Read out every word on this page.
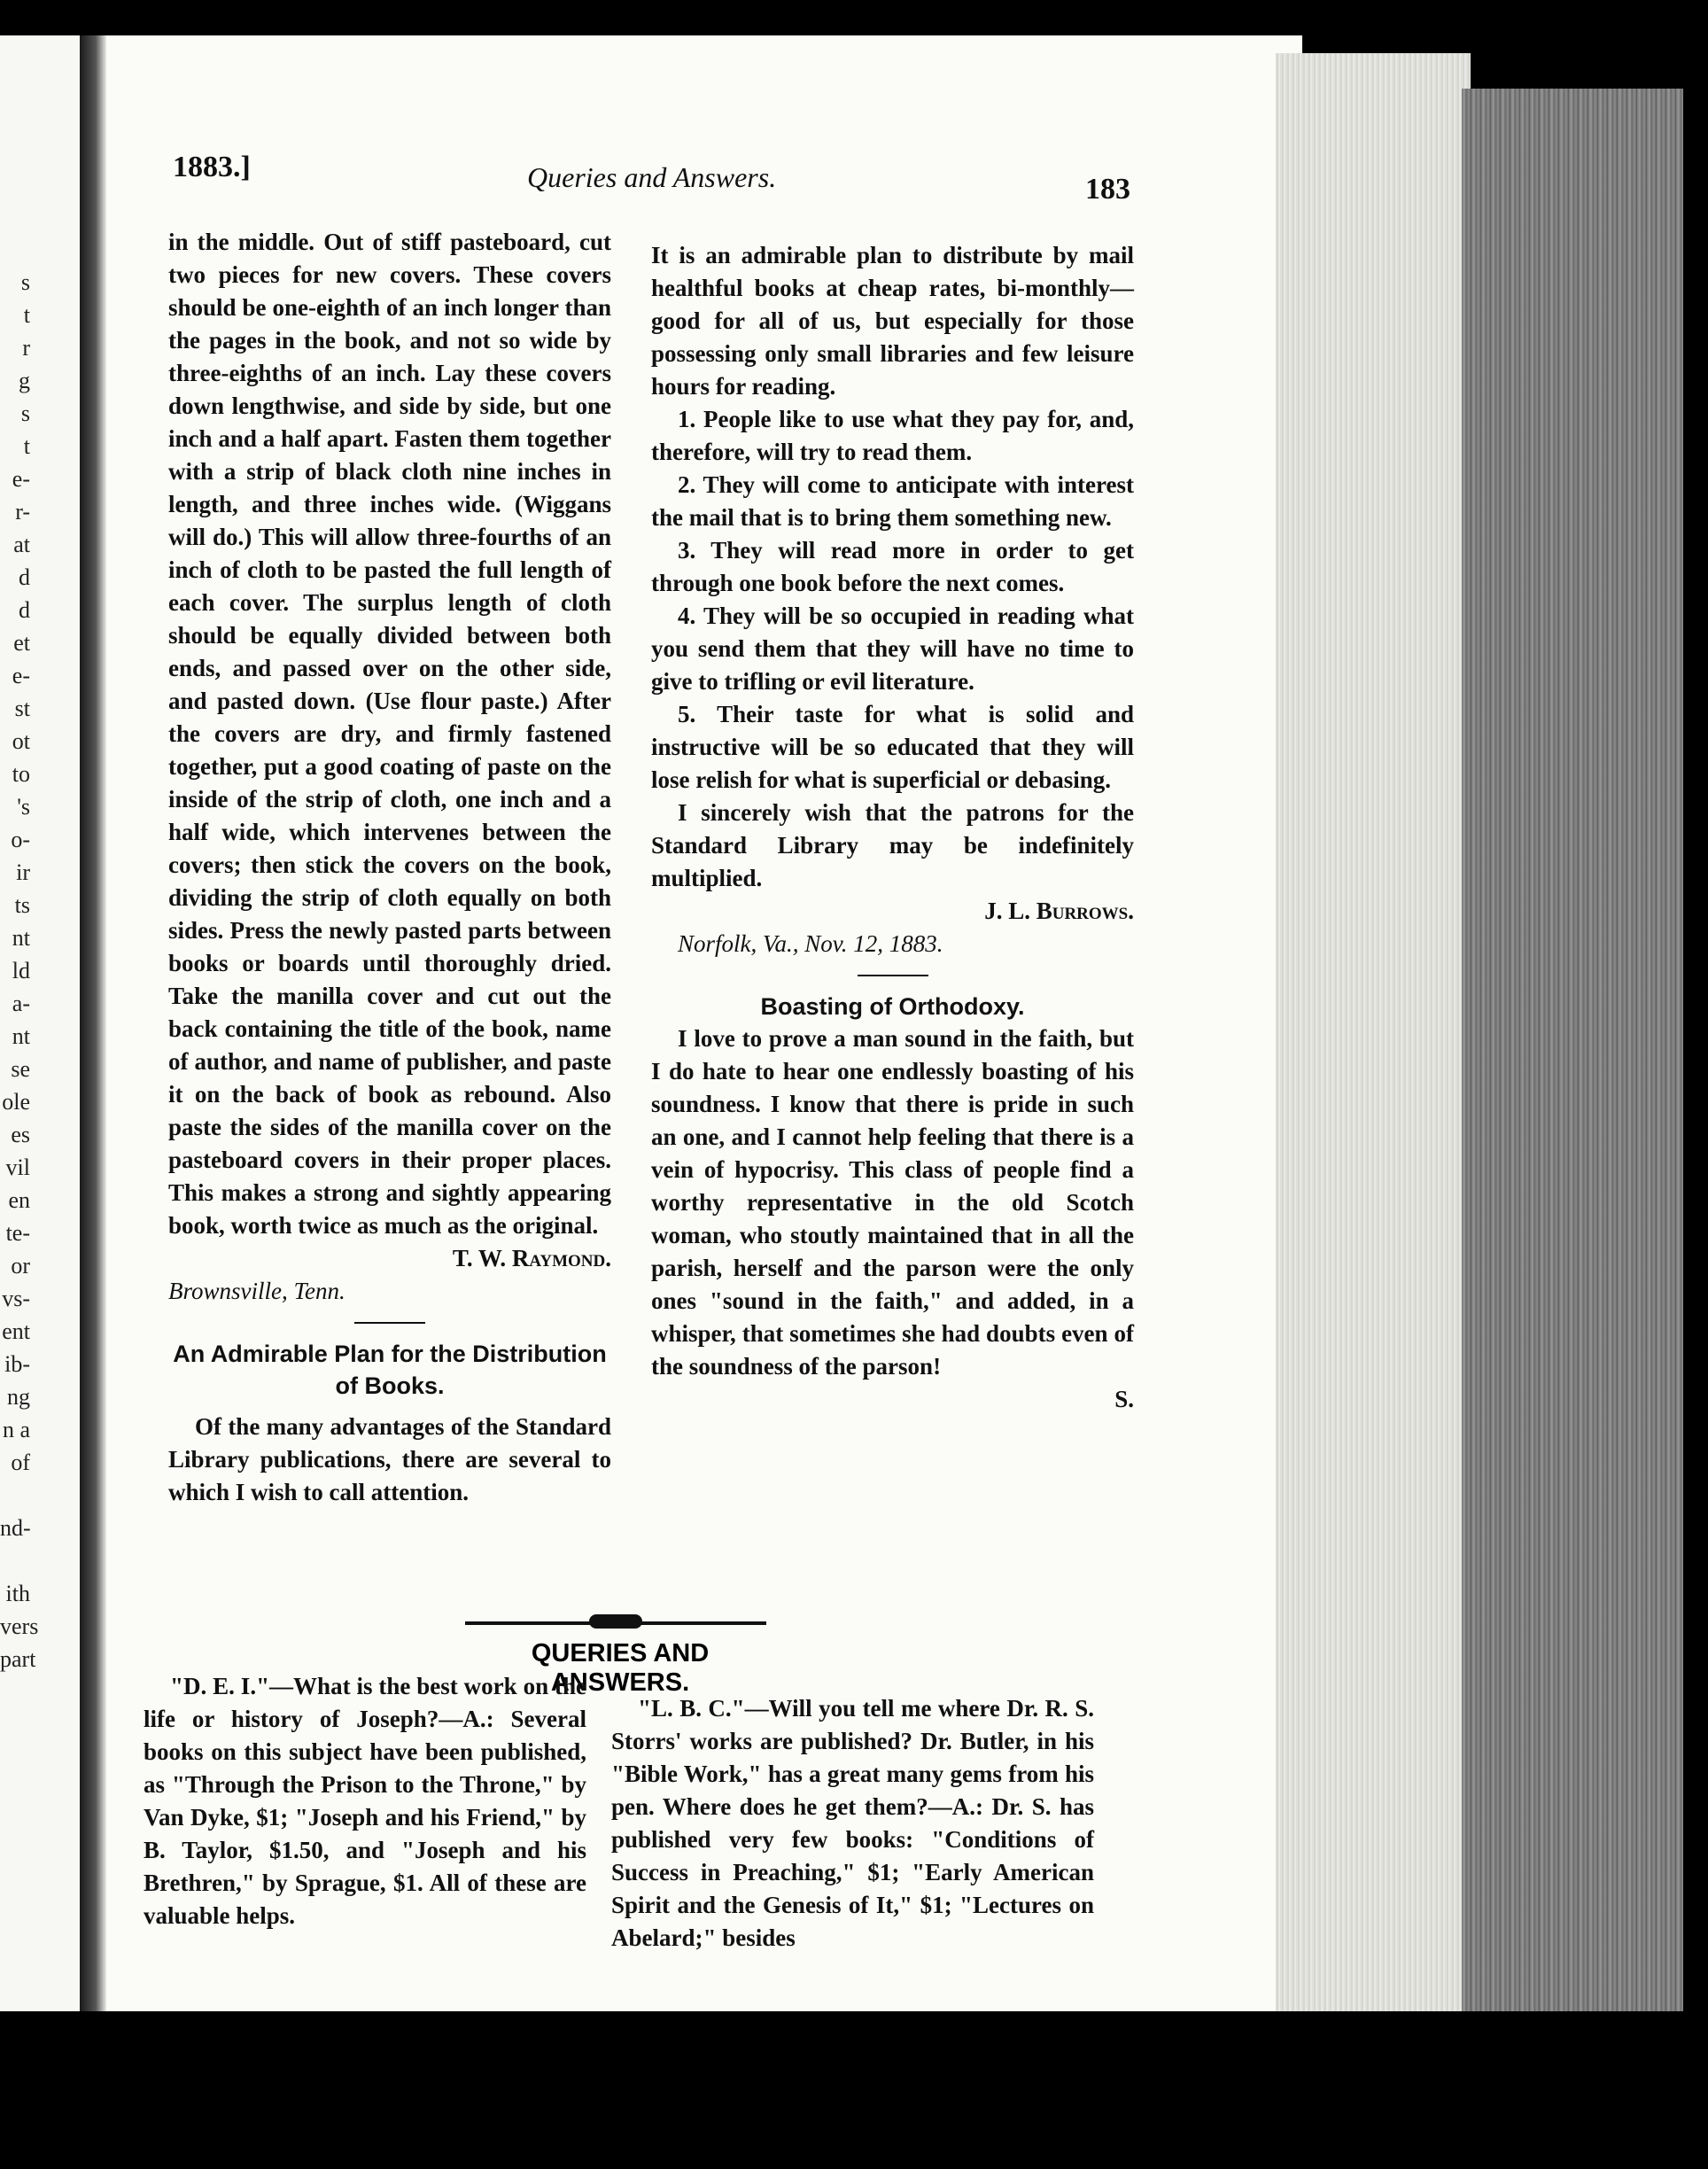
s
t
r
g
s
t
e-
r-
at
d
d
et
e-
st
ot
to
's
o-
ir
ts
nt
ld
a-
nt
se
ole
es
vil
en
te-
or
vs-
ent
ib-
ng
n a
of

nd-

ith
vers
part
1883.]	Queries and Answers.	183

in the middle. Out of stiff pasteboard, cut two pieces for new covers. These covers should be one-eighth of an inch longer than the pages in the book, and not so wide by three-eighths of an inch. Lay these covers down lengthwise, and side by side, but one inch and a half apart. Fasten them together with a strip of black cloth nine inches in length, and three inches wide. (Wiggans will do.) This will allow three-fourths of an inch of cloth to be pasted the full length of each cover. The surplus length of cloth should be equally divided between both ends, and passed over on the other side, and pasted down. (Use flour paste.) After the covers are dry, and firmly fastened together, put a good coating of paste on the inside of the strip of cloth, one inch and a half wide, which intervenes between the covers; then stick the covers on the book, dividing the strip of cloth equally on both sides. Press the newly pasted parts between books or boards until thoroughly dried. Take the manilla cover and cut out the back containing the title of the book, name of author, and name of publisher, and paste it on the back of book as rebound. Also paste the sides of the manilla cover on the pasteboard covers in their proper places. This makes a strong and sightly appearing book, worth twice as much as the original.

T. W. Raymond.

Brownsville, Tenn.

An Admirable Plan for the Distribution of Books.

Of the many advantages of the Standard Library publications, there are several to which I wish to call attention.

It is an admirable plan to distribute by mail healthful books at cheap rates, bi-monthly—good for all of us, but especially for those possessing only small libraries and few leisure hours for reading.

1. People like to use what they pay for, and, therefore, will try to read them.

2. They will come to anticipate with interest the mail that is to bring them something new.

3. They will read more in order to get through one book before the next comes.

4. They will be so occupied in reading what you send them that they will have no time to give to trifling or evil literature.

5. Their taste for what is solid and instructive will be so educated that they will lose relish for what is superficial or debasing.

I sincerely wish that the patrons for the Standard Library may be indefinitely multiplied.

J. L. Burrows.

Norfolk, Va., Nov. 12, 1883.

Boasting of Orthodoxy.

I love to prove a man sound in the faith, but I do hate to hear one endlessly boasting of his soundness. I know that there is pride in such an one, and I cannot help feeling that there is a vein of hypocrisy. This class of people find a worthy representative in the old Scotch woman, who stoutly maintained that in all the parish, herself and the parson were the only ones "sound in the faith," and added, in a whisper, that sometimes she had doubts even of the soundness of the parson!

S.

QUERIES AND ANSWERS.

"D. E. I."—What is the best work on the life or history of Joseph?—A.: Several books on this subject have been published, as "Through the Prison to the Throne," by Van Dyke, $1; "Joseph and his Friend," by B. Taylor, $1.50, and "Joseph and his Brethren," by Sprague, $1. All of these are valuable helps.

"L. B. C."—Will you tell me where Dr. R. S. Storrs' works are published? Dr. Butler, in his "Bible Work," has a great many gems from his pen. Where does he get them?—A.: Dr. S. has published very few books: "Conditions of Success in Preaching," $1; "Early American Spirit and the Genesis of It," $1; "Lectures on Abelard;" besides
